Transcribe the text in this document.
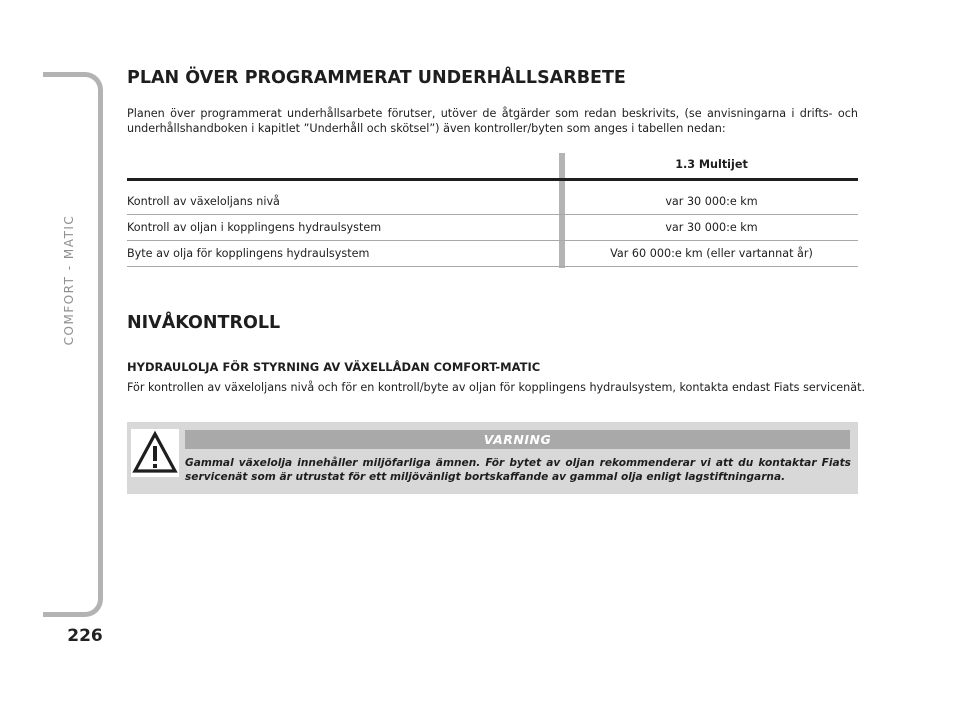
COMFORT - MATIC
226
PLAN ÖVER PROGRAMMERAT UNDERHÅLLSARBETE

Planen över programmerat underhållsarbete förutser, utöver de åtgärder som redan beskrivits, (se anvisningarna i drifts- och underhållshandboken i kapitlet ”Underhåll och skötsel”) även kontroller/byten som anges i tabellen nedan:

1.3 Multijet
Kontroll av växeloljans nivå	var 30 000:e km
Kontroll av oljan i kopplingens hydraulsystem	var 30 000:e km
Byte av olja för kopplingens hydraulsystem	Var 60 000:e km (eller vartannat år)
NIVÅKONTROLL
HYDRAULOLJA FÖR STYRNING AV VÄXELLÅDAN COMFORT-MATIC

För kontrollen av växeloljans nivå och för en kontroll/byte av oljan för kopplingens hydraulsystem, kontakta endast Fiats servicenät.

VARNING

Gammal växelolja innehåller miljöfarliga ämnen. För bytet av oljan rekommenderar vi att du kontaktar Fiats servicenät som är utrustat för ett miljövänligt bortskaffande av gammal olja enligt lagstiftningarna.
